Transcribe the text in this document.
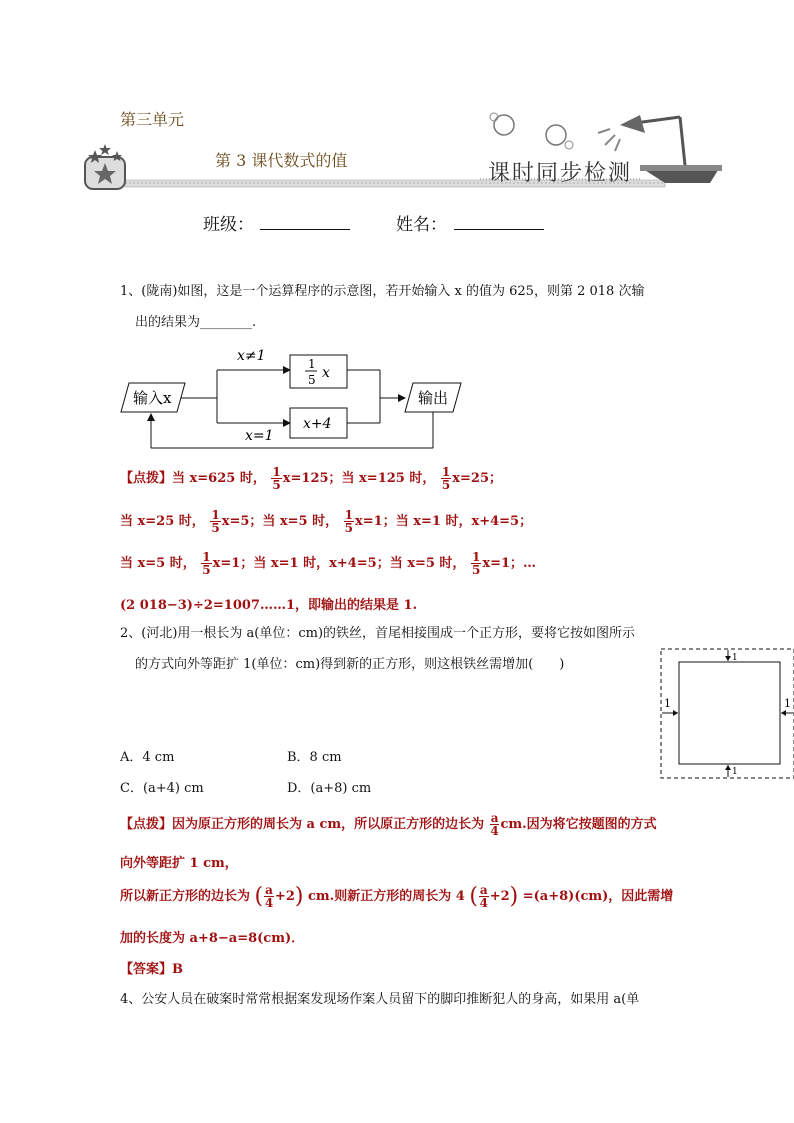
第三单元
第 3 课代数式的值
课时同步检测
班级：	姓名：
1、(陇南)如图，这是一个运算程序的示意图，若开始输入 x 的值为 625，则第 2 018 次输
出的结果为________.
输入x
x≠1
x=1
1
5 x
x+4
输出
【点拨】当 x=625 时， $\frac{1}{5} x=125$；当 x=125 时， $\frac{1}{5} x=25$；
当 x=25 时， $\frac{1}{5} x=5$；当 x=5 时， $\frac{1}{5} x=1$；当 x=1 时，x+4=5；
当 x=5 时， $\frac{1}{5} x=1$；当 x=1 时，x+4=5；当 x=5 时， $\frac{1}{5} x=1$；…
(2 018−3)÷2=1007……1，即输出的结果是 1.
2、(河北)用一根长为 a(单位：cm)的铁丝，首尾相接围成一个正方形，要将它按如图所示
的方式向外等距扩 1(单位：cm)得到新的正方形，则这根铁丝需增加(　　)
1	1
1
1
A．4 cm	B．8 cm
C．(a+4) cm	D．(a+8) cm
【点拨】因为原正方形的周长为 a cm，所以原正方形的边长为 $\frac{a}{4}$ cm.因为将它按题图的方式
向外等距扩 1 cm，
所以新正方形的边长为 ( $\frac{a}{4} +2$) cm.则新正方形的周长为 4 ( $\frac{a}{4} +2) =(a+8)(cm)$，因此需增
加的长度为 a+8−a=8(cm)．
【答案】B
4、公安人员在破案时常常根据案发现场作案人员留下的脚印推断犯人的身高，如果用 a(单
